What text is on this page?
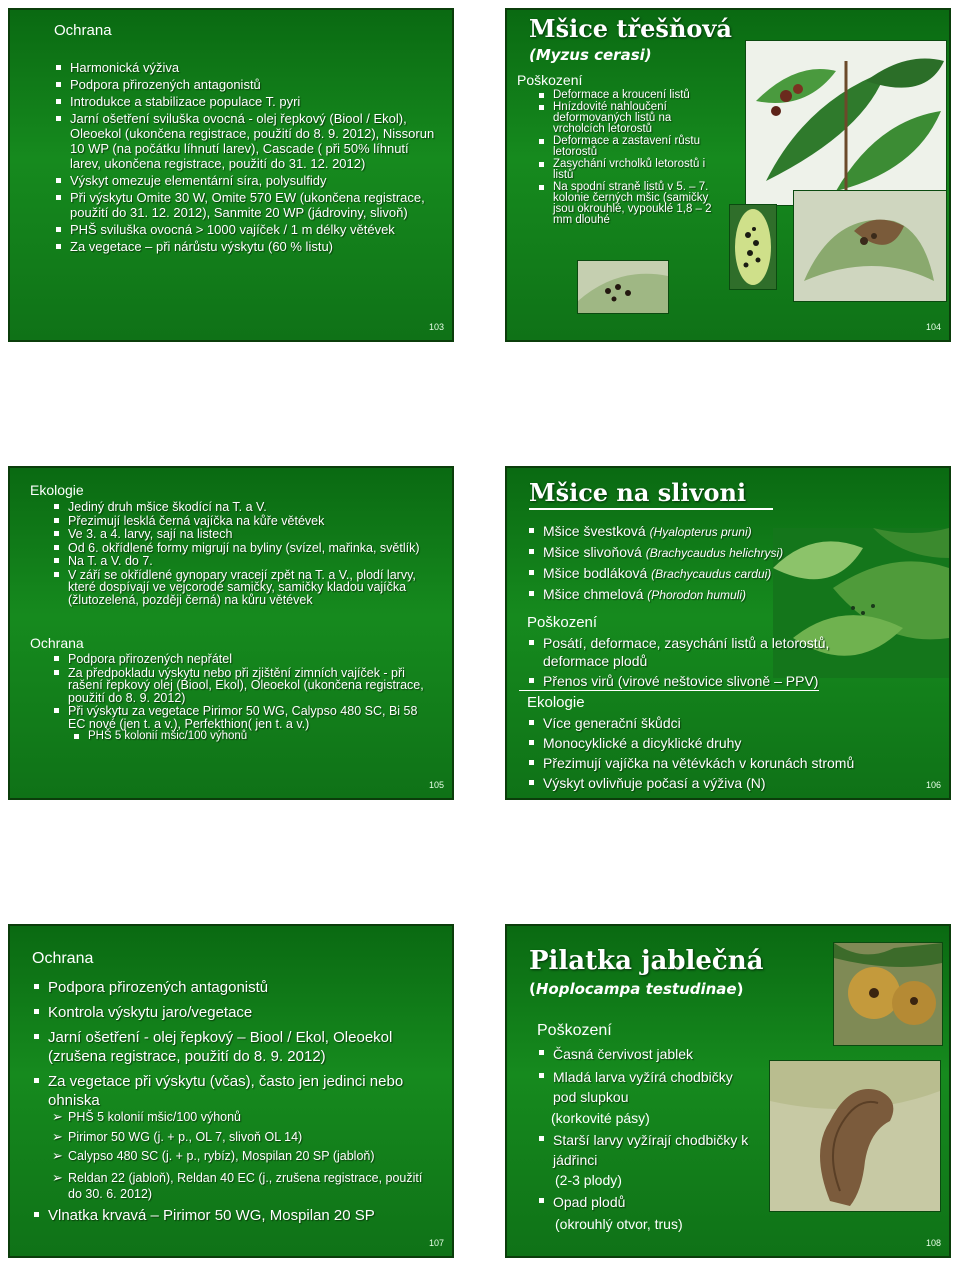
Ochrana
Harmonická výživa
Podpora přirozených antagonistů
Introdukce a stabilizace populace T. pyri
Jarní ošetření sviluška ovocná - olej řepkový (Biool / Ekol), Oleoekol (ukončena registrace, použití do 8. 9. 2012), Nissorun 10 WP (na počátku líhnutí larev), Cascade ( při 50% líhnutí larev, ukončena registrace, použití do 31. 12. 2012)
Výskyt omezuje elementární síra, polysulfidy
Při výskytu Omite 30 W, Omite 570 EW (ukončena registrace, použití do 31. 12. 2012), Sanmite 20 WP (jádroviny, slivoň)
PHŠ sviluška ovocná > 1000 vajíček / 1 m délky větévek
Za vegetace – při nárůstu výskytu (60 % listu)
103
Mšice třešňová
(Myzus cerasi)
Poškození
Deformace a kroucení listů
Hnízdovité nahloučení deformovaných listů na vrcholcích letorostů
Deformace a zastavení růstu letorostů
Zasychání vrcholků letorostů i listů
Na spodní straně listů v 5. – 7. kolonie černých mšic (samičky jsou okrouhlé, vypouklé 1,8 – 2 mm dlouhé
104
Ekologie
Jediný druh mšice škodící na T. a V.
Přezimují lesklá černá vajíčka na kůře větévek
Ve 3. a 4. larvy, sají na listech
Od 6. okřídlené formy migrují na byliny (svízel, mařinka, světlík)
Na T. a V. do 7.
V září se okřídlené gynopary vracejí zpět na T. a V., plodí larvy, které dospívají ve vejcorodé samičky, samičky kladou vajíčka (žlutozelená, později černá) na kůru větévek
Ochrana
Podpora přirozených nepřátel
Za předpokladu výskytu nebo při zjištění zimních vajíček - při rašení řepkový olej (Biool, Ekol), Oleoekol (ukončena registrace, použití do 8. 9. 2012)
Při výskytu za vegetace Pirimor 50 WG, Calypso 480 SC, Bi 58 EC nové (jen t. a v.), Perfekthion( jen t. a v.)
PHŠ 5 kolonií mšic/100 výhonů
105
Mšice na slivoni
Mšice švestková (Hyalopterus pruni)
Mšice slivoňová (Brachycaudus helichrysi)
Mšice bodláková (Brachycaudus cardui)
Mšice chmelová (Phorodon humuli)
Poškození
Posátí, deformace, zasychání listů a letorostů, deformace plodů
Přenos virů (virové neštovice slivoně – PPV)
Ekologie
Více generační škůdci
Monocyklické a dicyklické druhy
Přezimují vajíčka na větévkách v korunách stromů
Výskyt ovlivňuje počasí a výživa (N)	106
Ochrana
Podpora přirozených antagonistů
Kontrola výskytu jaro/vegetace
Jarní ošetření - olej řepkový – Biool / Ekol, Oleoekol (zrušena registrace, použití do 8. 9. 2012)
Za vegetace při výskytu (včas), často jen jedinci nebo ohniska
➢ PHŠ 5 kolonií mšic/100 výhonů
➢ Pirimor 50 WG (j. + p., OL 7, slivoň OL 14)
➢ Calypso 480 SC (j. + p., rybíz), Mospilan 20 SP (jabloň)
➢ Reldan 22 (jabloň), Reldan 40 EC (j., zrušena registrace, použití do 30. 6. 2012)
Vlnatka krvavá – Pirimor 50 WG, Mospilan 20 SP
107
Pilatka jablečná
(Hoplocampa testudinae)
Poškození
Časná červivost jablek
Mladá larva vyžírá chodbičky pod slupkou
(korkovité pásy)
Starší larvy vyžírají chodbičky k jádřinci
(2-3 plody)
Opad plodů
(okrouhlý otvor, trus)
108
